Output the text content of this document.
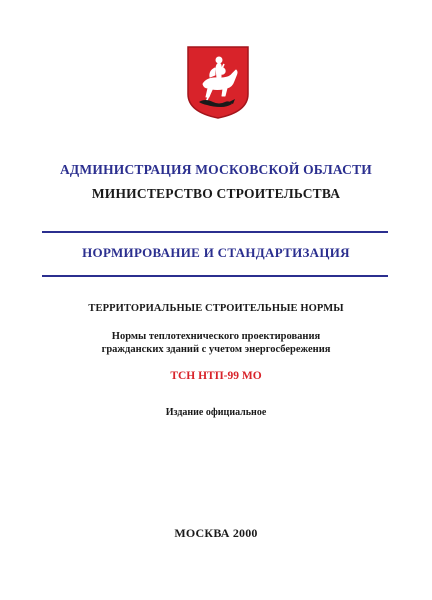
АДМИНИСТРАЦИЯ МОСКОВСКОЙ ОБЛАСТИ
МИНИСТЕРСТВО СТРОИТЕЛЬСТВА
НОРМИРОВАНИЕ И СТАНДАРТИЗАЦИЯ
ТЕРРИТОРИАЛЬНЫЕ СТРОИТЕЛЬНЫЕ НОРМЫ
Нормы теплотехнического проектирования
гражданских зданий с учетом энергосбережения
ТСН НТП-99 МО
Издание официальное
МОСКВА 2000
